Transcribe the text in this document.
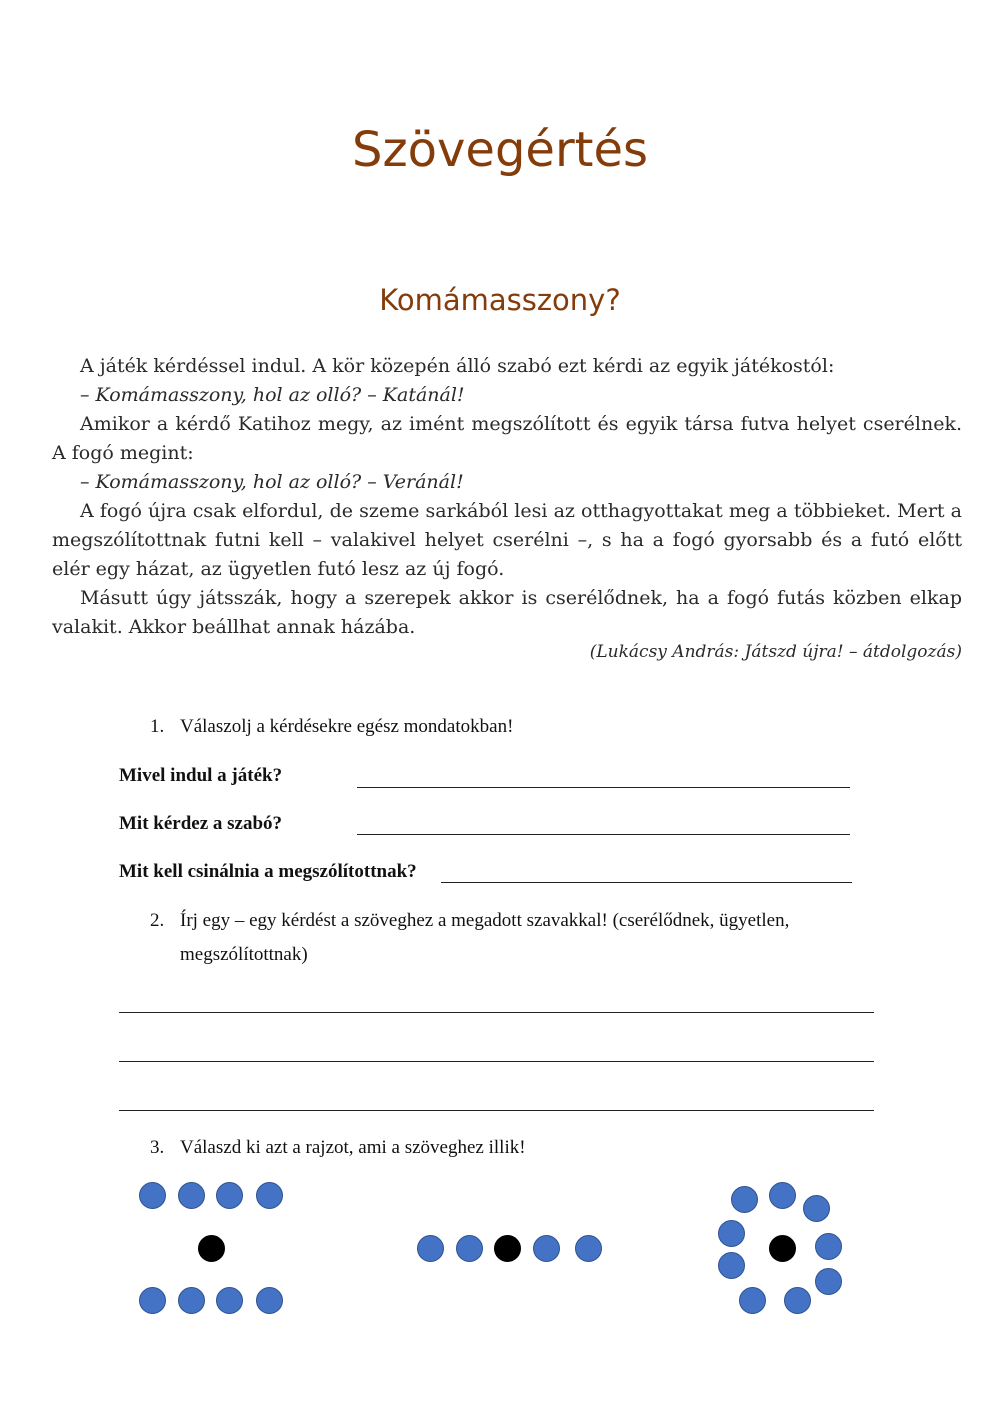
Szövegértés
Komámasszony?

A játék kérdéssel indul. A kör közepén álló szabó ezt kérdi az egyik játékostól:

– Komámasszony, hol az olló? – Katánál!

Amikor a kérdő Katihoz megy, az imént megszólított és egyik társa futva helyet cserélnek. A fogó megint:

– Komámasszony, hol az olló? – Veránál!

A fogó újra csak elfordul, de szeme sarkából lesi az otthagyottakat meg a többieket. Mert a megszólítottnak futni kell – valakivel helyet cserélni –, s ha a fogó gyorsabb és a futó előtt elér egy házat, az ügyetlen futó lesz az új fogó.

Másutt úgy játsszák, hogy a szerepek akkor is cserélődnek, ha a fogó futás közben elkap valakit. Akkor beállhat annak házába.

(Lukácsy András: Játszd újra! – átdolgozás)
1. Válaszolj a kérdésekre egész mondatokban!
Mivel indul a játék?
Mit kérdez a szabó?
Mit kell csinálnia a megszólítottnak?
2. Írj egy – egy kérdést a szöveghez a megadott szavakkal! (cserélődnek, ügyetlen,
megszólítottnak)
3. Válaszd ki azt a rajzot, ami a szöveghez illik!
